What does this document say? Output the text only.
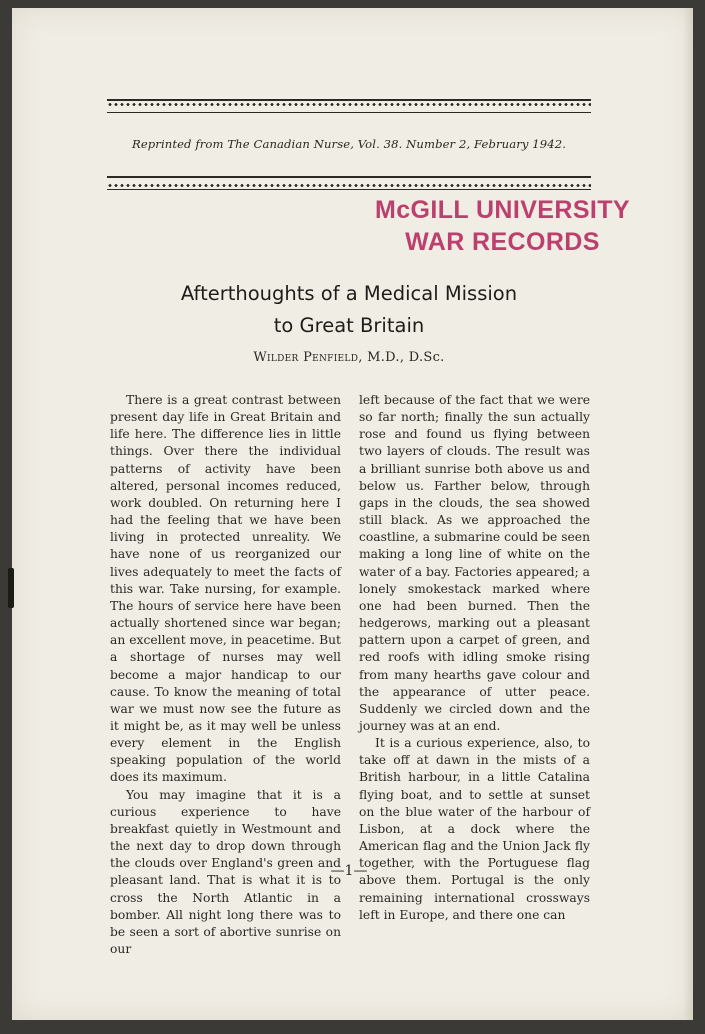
Reprinted from The Canadian Nurse, Vol. 38. Number 2, February 1942.
McGILL UNIVERSITY
WAR RECORDS
Afterthoughts of a Medical Mission
to Great Britain
Wilder Penfield, M.D., D.Sc.

There is a great contrast between present day life in Great Britain and life here. The difference lies in little things. Over there the individual patterns of activity have been altered, personal incomes reduced, work doubled. On returning here I had the feeling that we have been living in protected unreality. We have none of us reorganized our lives adequately to meet the facts of this war. Take nursing, for example. The hours of service here have been actually shortened since war began; an excellent move, in peacetime. But a shortage of nurses may well become a major handicap to our cause. To know the meaning of total war we must now see the future as it might be, as it may well be unless every element in the English speaking population of the world does its maximum.

You may imagine that it is a curious experience to have breakfast quietly in Westmount and the next day to drop down through the clouds over England's green and pleasant land. That is what it is to cross the North Atlantic in a bomber. All night long there was to be seen a sort of abortive sunrise on our

left because of the fact that we were so far north; finally the sun actually rose and found us flying between two layers of clouds. The result was a brilliant sunrise both above us and below us. Farther below, through gaps in the clouds, the sea showed still black. As we approached the coastline, a submarine could be seen making a long line of white on the water of a bay. Factories appeared; a lonely smokestack marked where one had been burned. Then the hedgerows, marking out a pleasant pattern upon a carpet of green, and red roofs with idling smoke rising from many hearths gave colour and the appearance of utter peace. Suddenly we circled down and the journey was at an end.

It is a curious experience, also, to take off at dawn in the mists of a British harbour, in a little Catalina flying boat, and to settle at sunset on the blue water of the harbour of Lisbon, at a dock where the American flag and the Union Jack fly together, with the Portuguese flag above them. Portugal is the only remaining international crossways left in Europe, and there one can

—1—
